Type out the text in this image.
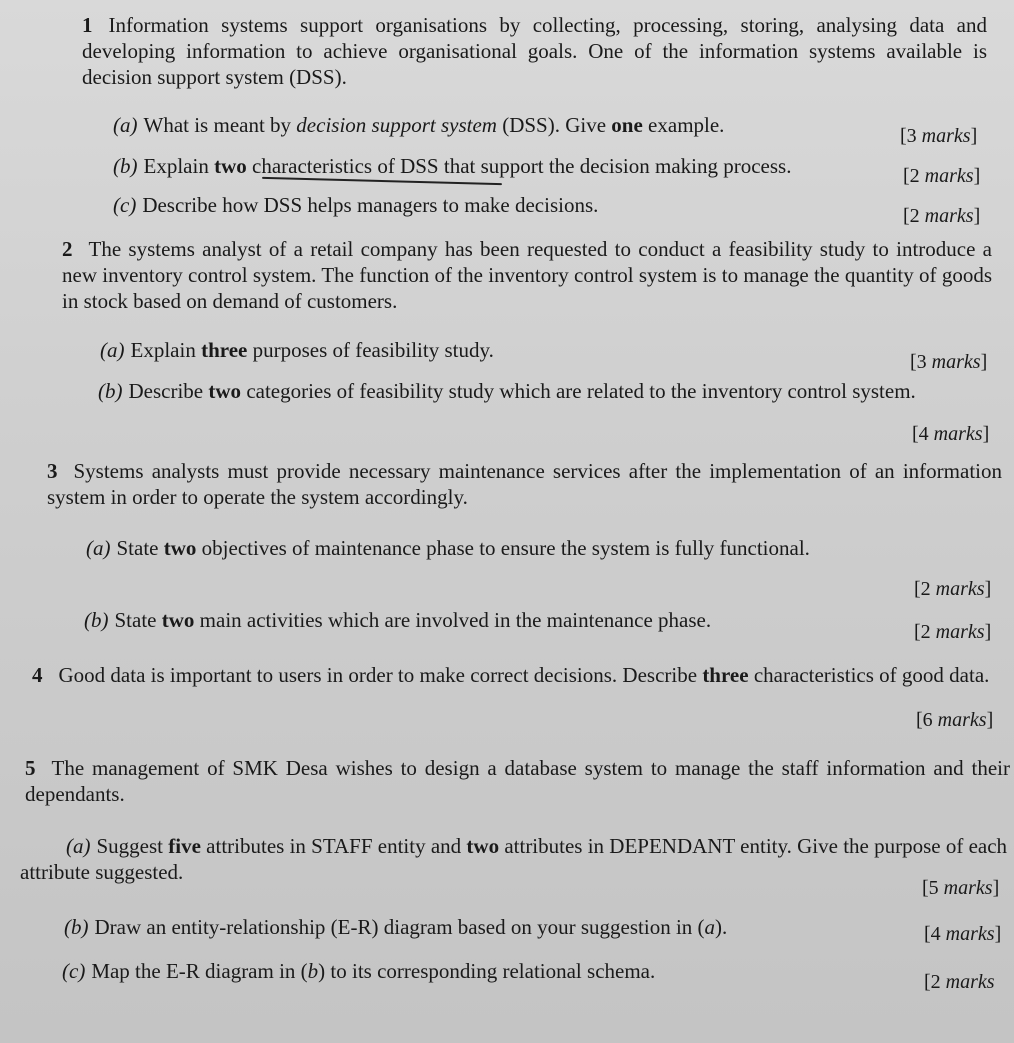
1 Information systems support organisations by collecting, processing, storing, analysing data and developing information to achieve organisational goals. One of the information systems available is decision support system (DSS).
(a) What is meant by decision support system (DSS). Give one example.	[3 marks]
(b) Explain two characteristics of DSS that support the decision making process.	[2 marks]
(c) Describe how DSS helps managers to make decisions.	[2 marks]
2 The systems analyst of a retail company has been requested to conduct a feasibility study to introduce a new inventory control system. The function of the inventory control system is to manage the quantity of goods in stock based on demand of customers.
(a) Explain three purposes of feasibility study.	[3 marks]
(b) Describe two categories of feasibility study which are related to the inventory control system.
[4 marks]
3 Systems analysts must provide necessary maintenance services after the implementation of an information system in order to operate the system accordingly.
(a) State two objectives of maintenance phase to ensure the system is fully functional.
[2 marks]
(b) State two main activities which are involved in the maintenance phase.	[2 marks]
4 Good data is important to users in order to make correct decisions. Describe three characteristics of good data.
[6 marks]
5 The management of SMK Desa wishes to design a database system to manage the staff information and their dependants.
(a) Suggest five attributes in STAFF entity and two attributes in DEPENDANT entity. Give the purpose of each attribute suggested.
[5 marks]
(b) Draw an entity-relationship (E-R) diagram based on your suggestion in (a).	[4 marks]
(c) Map the E-R diagram in (b) to its corresponding relational schema.	[2 marks
